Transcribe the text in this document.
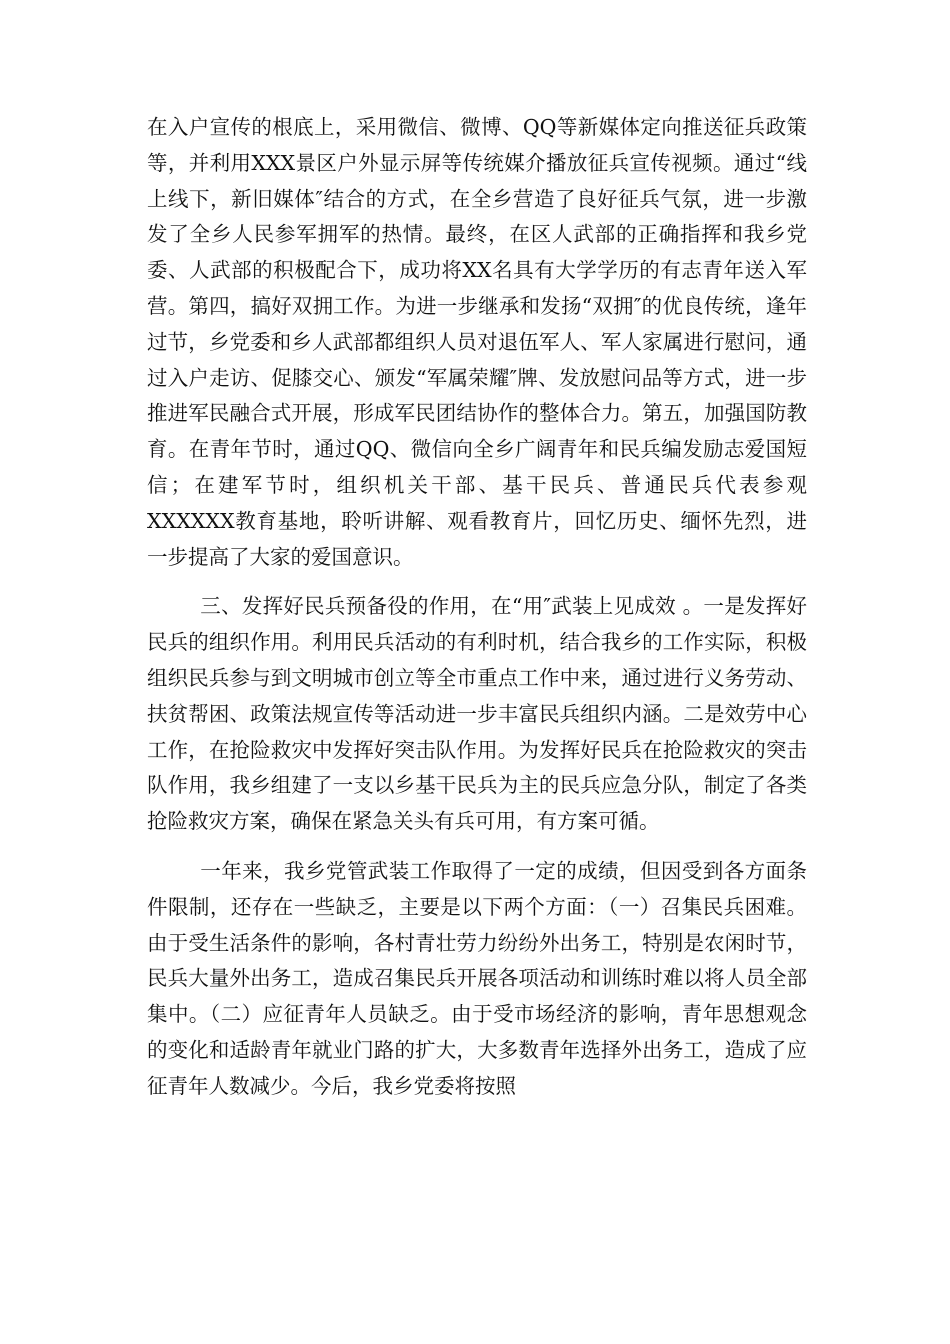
在入户宣传的根底上，采用微信、微博、QQ等新媒体定向推送征兵政策等，并利用XXX景区户外显示屏等传统媒介播放征兵宣传视频。通过“线上线下，新旧媒体″结合的方式，在全乡营造了良好征兵气氛，进一步激发了全乡人民参军拥军的热情。最终，在区人武部的正确指挥和我乡党委、人武部的积极配合下，成功将XX名具有大学学历的有志青年送入军营。第四，搞好双拥工作。为进一步继承和发扬“双拥″的优良传统，逢年过节，乡党委和乡人武部都组织人员对退伍军人、军人家属进行慰问，通过入户走访、促膝交心、颁发“军属荣耀″牌、发放慰问品等方式，进一步推进军民融合式开展，形成军民团结协作的整体合力。第五，加强国防教育。在青年节时，通过QQ、微信向全乡广阔青年和民兵编发励志爱国短信；在建军节时，组织机关干部、基干民兵、普通民兵代表参观XXXXXX教育基地，聆听讲解、观看教育片，回忆历史、缅怀先烈，进一步提高了大家的爱国意识。

三、发挥好民兵预备役的作用，在“用″武装上见成效 。一是发挥好民兵的组织作用。利用民兵活动的有利时机，结合我乡的工作实际，积极组织民兵参与到文明城市创立等全市重点工作中来，通过进行义务劳动、扶贫帮困、政策法规宣传等活动进一步丰富民兵组织内涵。二是效劳中心工作，在抢险救灾中发挥好突击队作用。为发挥好民兵在抢险救灾的突击队作用，我乡组建了一支以乡基干民兵为主的民兵应急分队，制定了各类抢险救灾方案，确保在紧急关头有兵可用，有方案可循。

一年来，我乡党管武装工作取得了一定的成绩，但因受到各方面条件限制，还存在一些缺乏，主要是以下两个方面：（一）召集民兵困难。由于受生活条件的影响，各村青壮劳力纷纷外出务工，特别是农闲时节，民兵大量外出务工，造成召集民兵开展各项活动和训练时难以将人员全部集中。（二）应征青年人员缺乏。由于受市场经济的影响，青年思想观念的变化和适龄青年就业门路的扩大，大多数青年选择外出务工，造成了应征青年人数减少。今后，我乡党委将按照
